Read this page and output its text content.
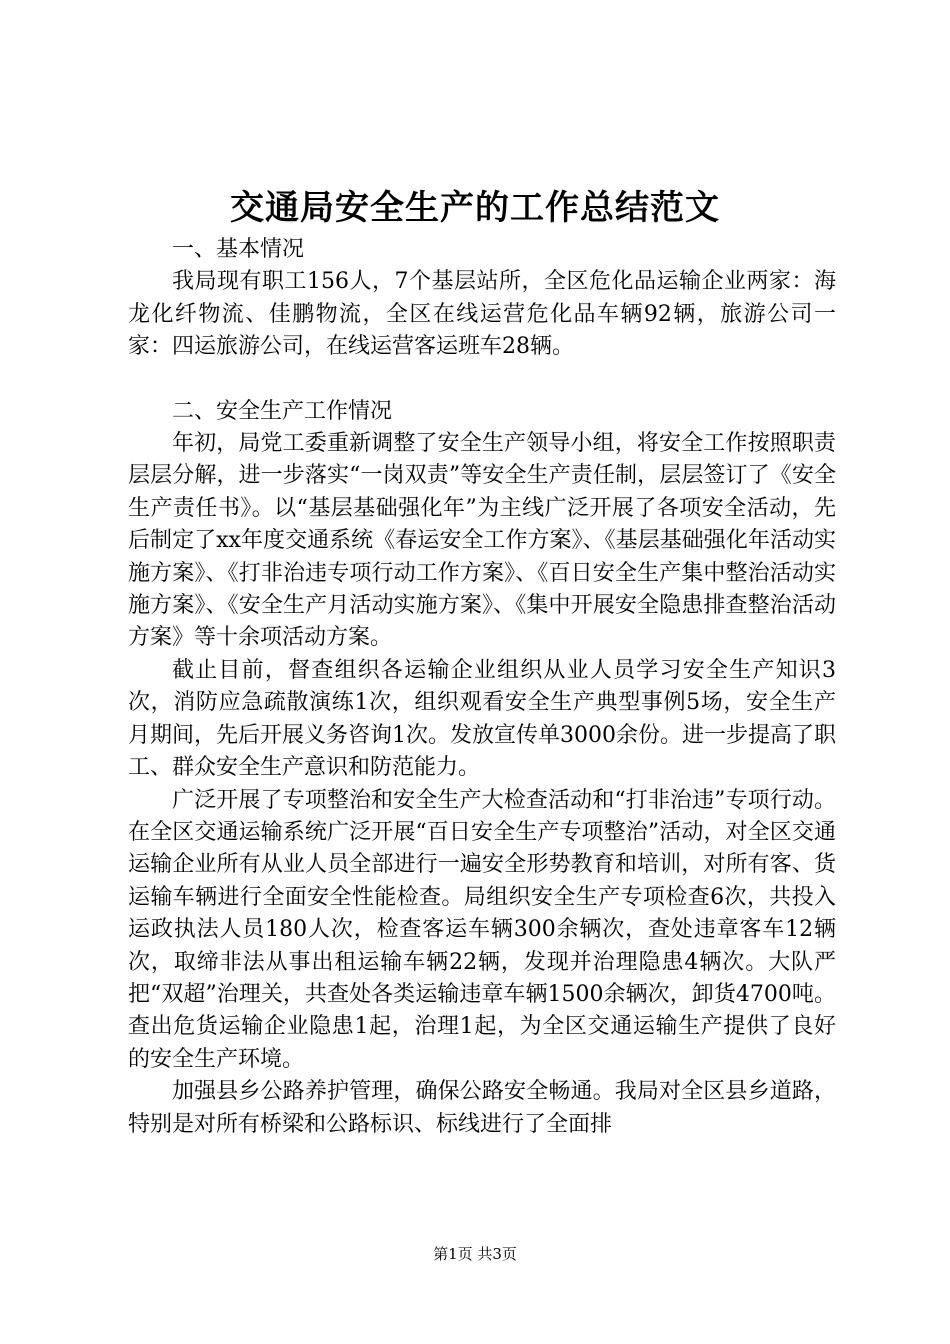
交通局安全生产的工作总结范文

一、基本情况

我局现有职工156人，7个基层站所，全区危化品运输企业两家：海龙化纤物流、佳鹏物流，全区在线运营危化品车辆92辆，旅游公司一家：四运旅游公司，在线运营客运班车28辆。

二、安全生产工作情况

年初，局党工委重新调整了安全生产领导小组，将安全工作按照职责层层分解，进一步落实“一岗双责”等安全生产责任制，层层签订了《安全生产责任书》。以“基层基础强化年”为主线广泛开展了各项安全活动，先后制定了xx年度交通系统《春运安全工作方案》、《基层基础强化年活动实施方案》、《打非治违专项行动工作方案》、《百日安全生产集中整治活动实施方案》、《安全生产月活动实施方案》、《集中开展安全隐患排查整治活动方案》等十余项活动方案。

截止目前，督查组织各运输企业组织从业人员学习安全生产知识3次，消防应急疏散演练1次，组织观看安全生产典型事例5场，安全生产月期间，先后开展义务咨询1次。发放宣传单3000余份。进一步提高了职工、群众安全生产意识和防范能力。

广泛开展了专项整治和安全生产大检查活动和“打非治违”专项行动。在全区交通运输系统广泛开展“百日安全生产专项整治”活动，对全区交通运输企业所有从业人员全部进行一遍安全形势教育和培训，对所有客、货运输车辆进行全面安全性能检查。局组织安全生产专项检查6次，共投入运政执法人员180人次，检查客运车辆300余辆次，查处违章客车12辆次，取缔非法从事出租运输车辆22辆，发现并治理隐患4辆次。大队严把“双超”治理关，共查处各类运输违章车辆1500余辆次，卸货4700吨。查出危货运输企业隐患1起，治理1起，为全区交通运输生产提供了良好的安全生产环境。

加强县乡公路养护管理，确保公路安全畅通。我局对全区县乡道路，特别是对所有桥梁和公路标识、标线进行了全面排

第1页 共3页
